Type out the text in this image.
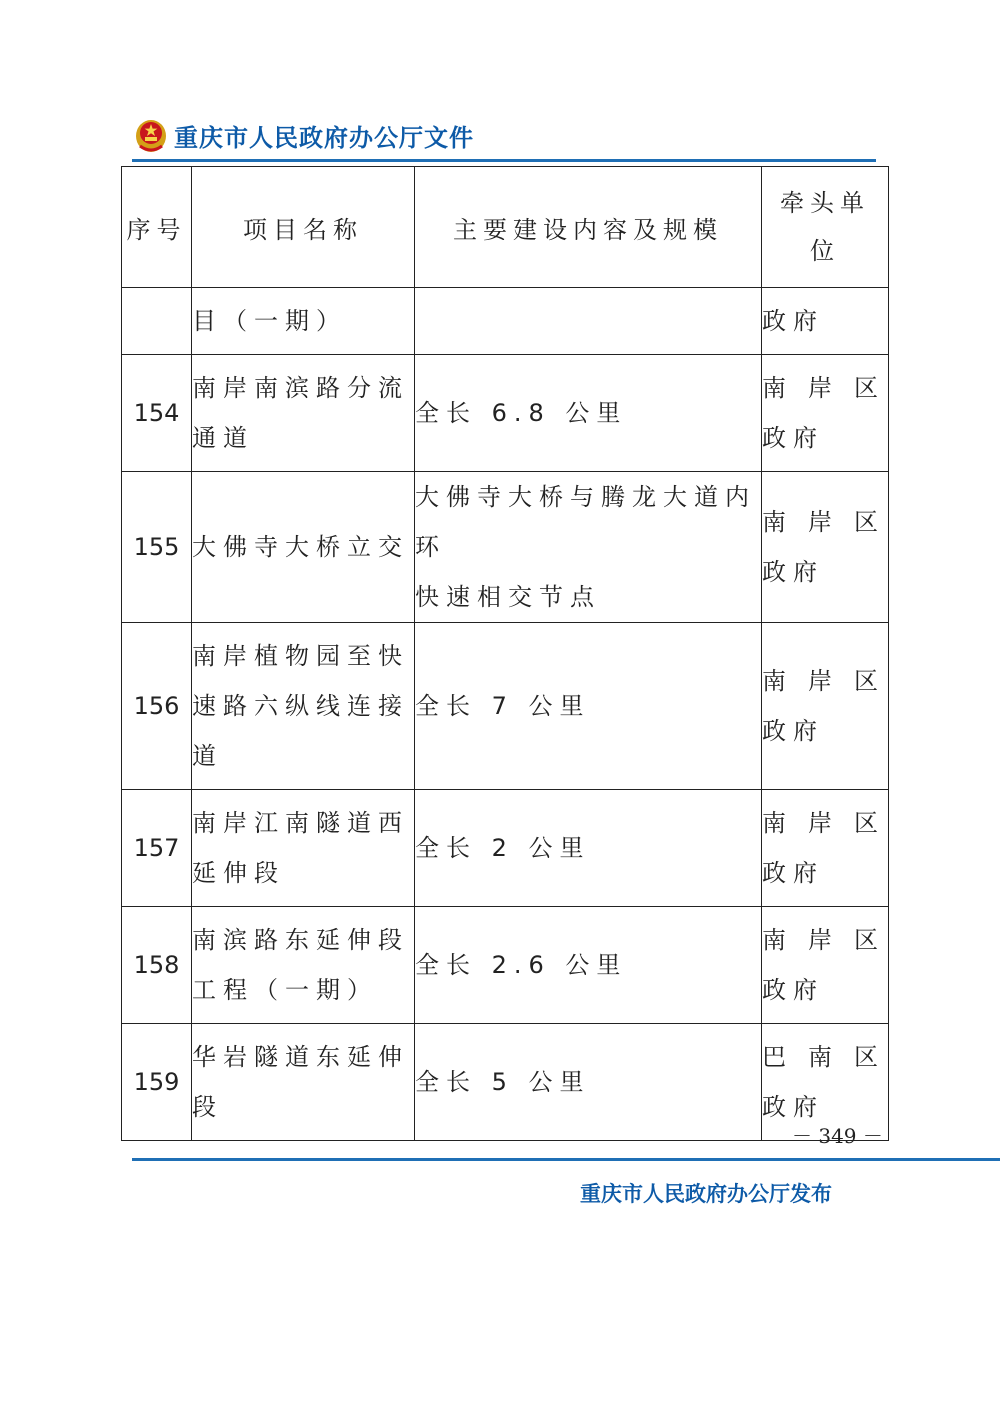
重庆市人民政府办公厅文件
序号	项目名称	主要建设内容及规模	牵头单
位
	目（一期）		政府
154	南岸南滨路分流
通道	全长 6.8 公里	南岸区
政府
155	大佛寺大桥立交	大佛寺大桥与腾龙大道内环
快速相交节点	南岸区
政府
156	南岸植物园至快
速路六纵线连接
道	全长 7 公里	南岸区
政府
157	南岸江南隧道西
延伸段	全长 2 公里	南岸区
政府
158	南滨路东延伸段
工程（一期）	全长 2.6 公里	南岸区
政府
159	华岩隧道东延伸
段	全长 5 公里	巴南区
政府
－ 349 －
重庆市人民政府办公厅发布
